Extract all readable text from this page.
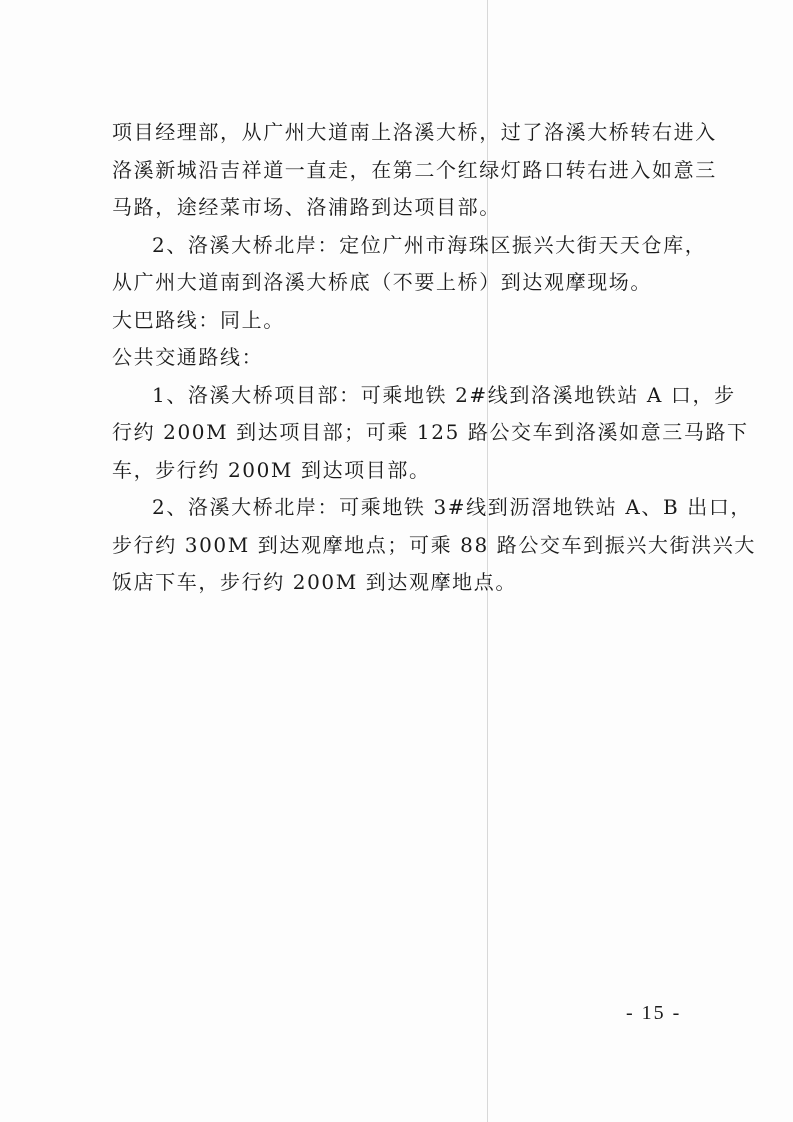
项目经理部，从广州大道南上洛溪大桥，过了洛溪大桥转右进入
洛溪新城沿吉祥道一直走，在第二个红绿灯路口转右进入如意三
马路，途经菜市场、洛浦路到达项目部。
2、洛溪大桥北岸：定位广州市海珠区振兴大街天天仓库，
从广州大道南到洛溪大桥底（不要上桥）到达观摩现场。
大巴路线：同上。
公共交通路线：
1、洛溪大桥项目部：可乘地铁 2#线到洛溪地铁站 A 口，步
行约 200M 到达项目部；可乘 125 路公交车到洛溪如意三马路下
车，步行约 200M 到达项目部。
2、洛溪大桥北岸：可乘地铁 3#线到沥滘地铁站 A、B 出口，
步行约 300M 到达观摩地点；可乘 88 路公交车到振兴大街洪兴大
饭店下车，步行约 200M 到达观摩地点。
- 15 -
